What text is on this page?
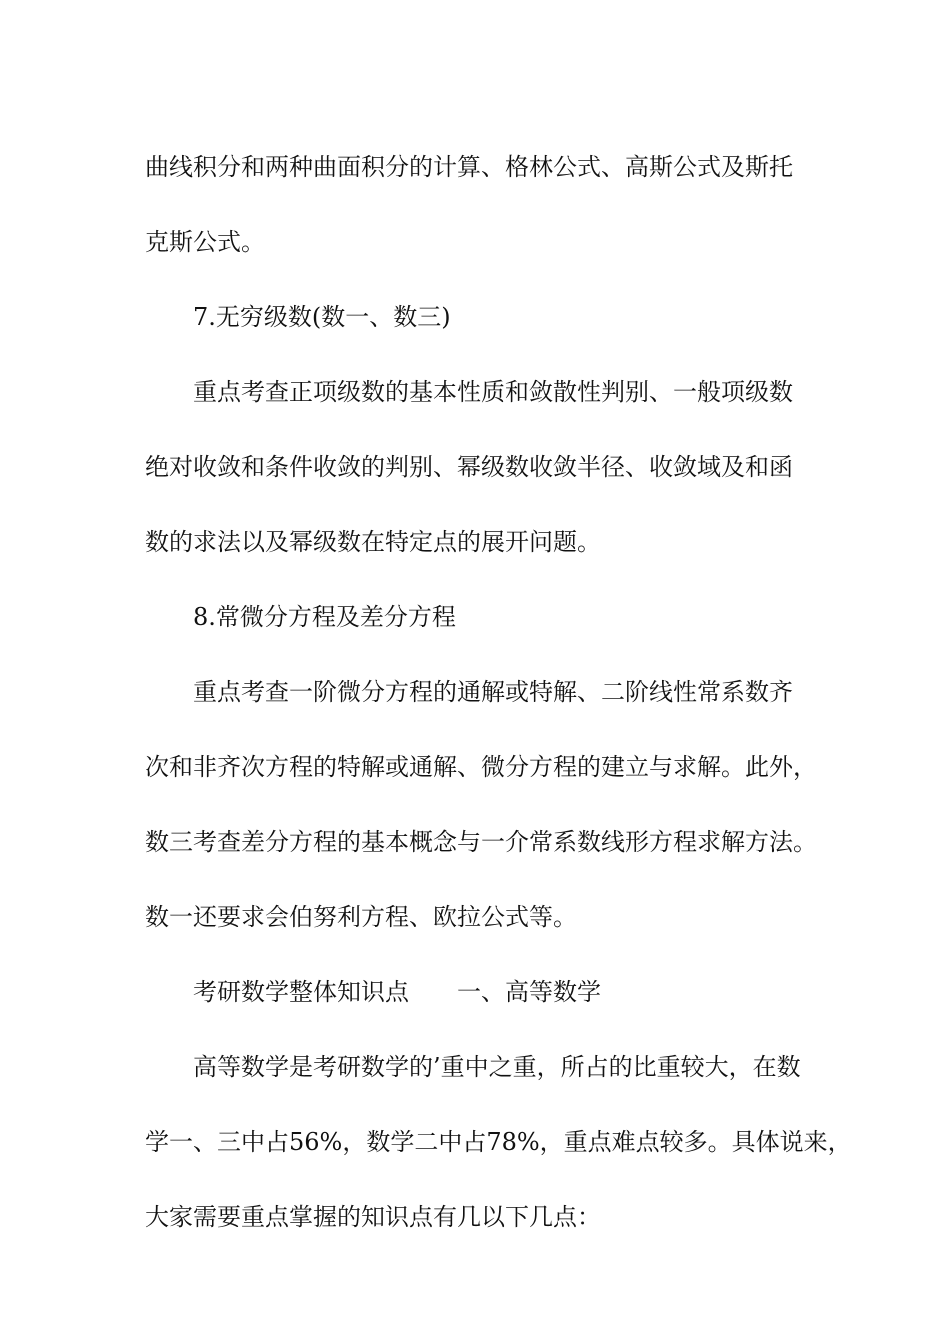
曲线积分和两种曲面积分的计算、格林公式、高斯公式及斯托
克斯公式。
7.无穷级数(数一、数三)
重点考查正项级数的基本性质和敛散性判别、一般项级数
绝对收敛和条件收敛的判别、幂级数收敛半径、收敛域及和函
数的求法以及幂级数在特定点的展开问题。
8.常微分方程及差分方程
重点考查一阶微分方程的通解或特解、二阶线性常系数齐
次和非齐次方程的特解或通解、微分方程的建立与求解。此外，
数三考查差分方程的基本概念与一介常系数线形方程求解方法。
数一还要求会伯努利方程、欧拉公式等。
考研数学整体知识点　　一、高等数学
高等数学是考研数学的’重中之重，所占的比重较大，在数
学一、三中占56%，数学二中占78%，重点难点较多。具体说来，
大家需要重点掌握的知识点有几以下几点：
